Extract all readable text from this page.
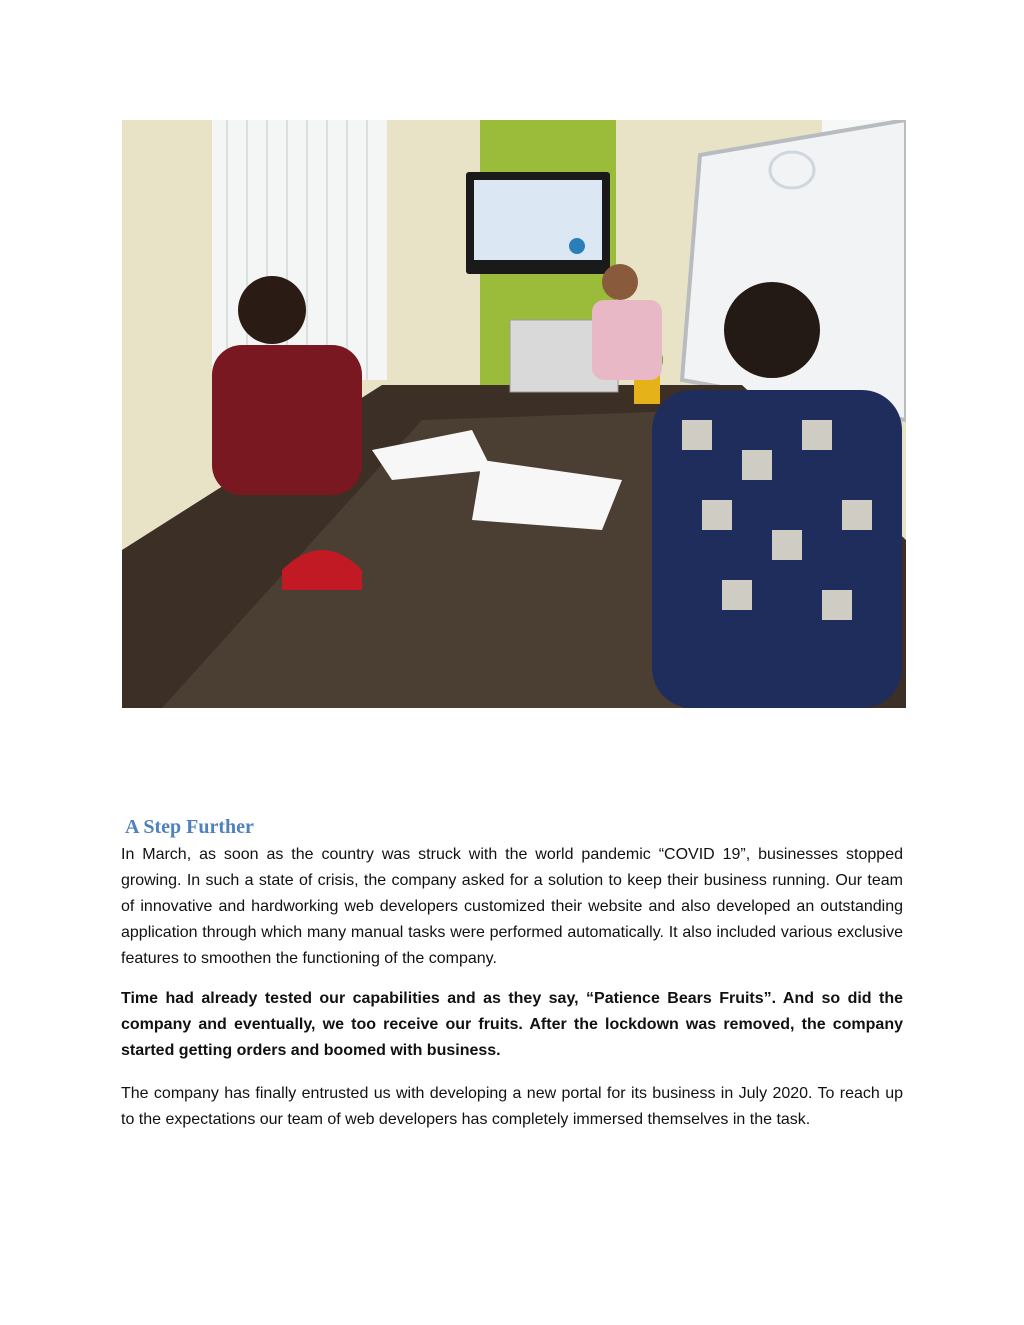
A Step Further

In March, as soon as the country was struck with the world pandemic “COVID 19”, businesses stopped growing. In such a state of crisis, the company asked for a solution to keep their business running. Our team of innovative and hardworking web developers customized their website and also developed an outstanding application through which many manual tasks were performed automatically. It also included various exclusive features to smoothen the functioning of the company.

Time had already tested our capabilities and as they say, “Patience Bears Fruits”. And so did the company and eventually, we too receive our fruits. After the lockdown was removed, the company started getting orders and boomed with business.

The company has finally entrusted us with developing a new portal for its business in July 2020. To reach up to the expectations our team of web developers has completely immersed themselves in the task.
